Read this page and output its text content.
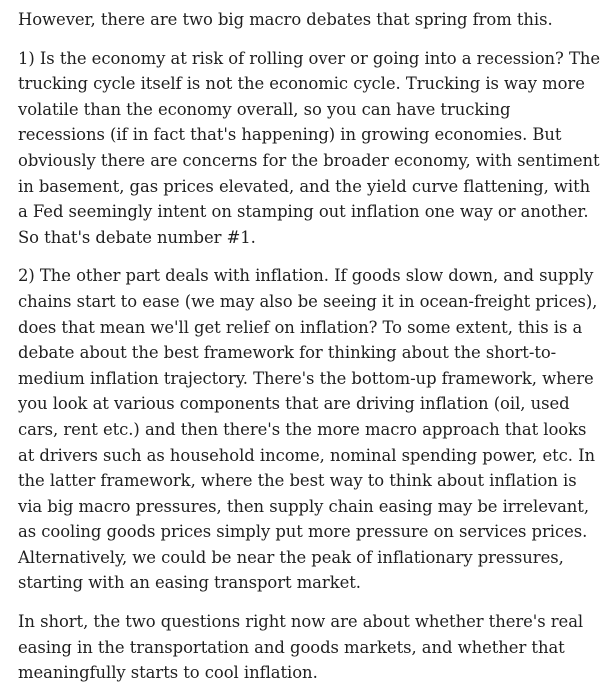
However, there are two big macro debates that spring from this.

1) Is the economy at risk of rolling over or going into a recession? The trucking cycle itself is not the economic cycle. Trucking is way more volatile than the economy overall, so you can have trucking recessions (if in fact that's happening) in growing economies. But obviously there are concerns for the broader economy, with sentiment in basement, gas prices elevated, and the yield curve flattening, with a Fed seemingly intent on stamping out inflation one way or another. So that's debate number #1.

2) The other part deals with inflation. If goods slow down, and supply chains start to ease (we may also be seeing it in ocean-freight prices), does that mean we'll get relief on inflation? To some extent, this is a debate about the best framework for thinking about the short-to-medium inflation trajectory. There's the bottom-up framework, where you look at various components that are driving inflation (oil, used cars, rent etc.) and then there's the more macro approach that looks at drivers such as household income, nominal spending power, etc. In the latter framework, where the best way to think about inflation is via big macro pressures, then supply chain easing may be irrelevant, as cooling goods prices simply put more pressure on services prices. Alternatively, we could be near the peak of inflationary pressures, starting with an easing transport market.

In short, the two questions right now are about whether there's real easing in the transportation and goods markets, and whether that meaningfully starts to cool inflation.
